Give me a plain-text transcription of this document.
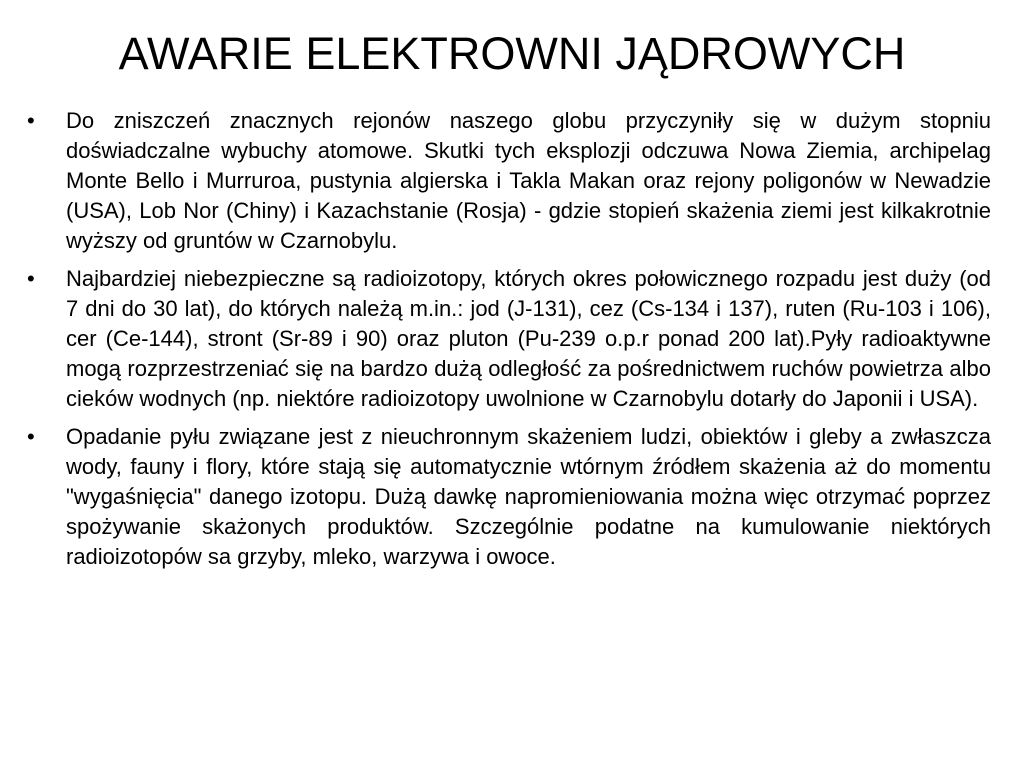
AWARIE ELEKTROWNI JĄDROWYCH
•	Do zniszczeń znacznych rejonów naszego globu przyczyniły się w dużym stopniu doświadczalne wybuchy atomowe. Skutki tych eksplozji odczuwa Nowa Ziemia, archipelag Monte Bello i Murruroa, pustynia algierska i Takla Makan oraz rejony poligonów w Newadzie (USA), Lob Nor (Chiny) i Kazachstanie (Rosja) - gdzie stopień skażenia ziemi jest kilkakrotnie wyższy od gruntów w Czarnobylu.
•	Najbardziej niebezpieczne są radioizotopy, których okres połowicznego rozpadu jest duży (od 7 dni do 30 lat), do których należą m.in.: jod (J-131), cez (Cs-134 i 137), ruten (Ru-103 i 106), cer (Ce-144), stront (Sr-89 i 90) oraz pluton (Pu-239 o.p.r ponad 200 lat).Pyły radioaktywne mogą rozprzestrzeniać się na bardzo dużą odległość za pośrednictwem ruchów powietrza albo cieków wodnych (np. niektóre radioizotopy uwolnione w Czarnobylu dotarły do Japonii i USA).
•	Opadanie pyłu związane jest z nieuchronnym skażeniem ludzi, obiektów i gleby a zwłaszcza wody, fauny i flory, które stają się automatycznie wtórnym źródłem skażenia aż do momentu "wygaśnięcia" danego izotopu. Dużą dawkę napromieniowania można więc otrzymać poprzez spożywanie skażonych produktów. Szczególnie podatne na kumulowanie niektórych radioizotopów sa grzyby, mleko, warzywa i owoce.
